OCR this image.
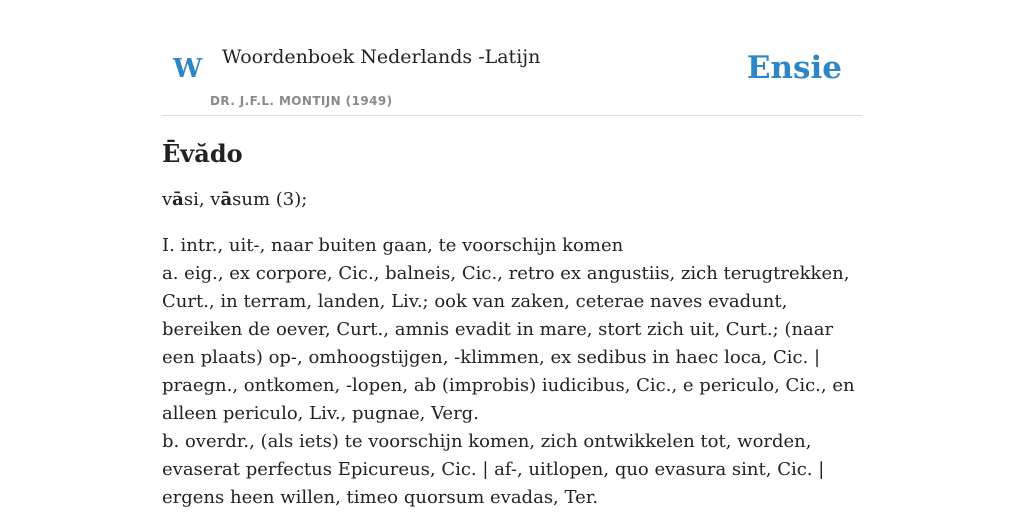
W Woordenboek Nederlands -Latijn
DR. J.F.L. MONTIJN (1949)
Ensie
Ēvădo

vāsi, vāsum (3);

I. intr., uit-, naar buiten gaan, te voorschijn komen
a. eig., ex corpore, Cic., balneis, Cic., retro ex angustiis, zich terugtrekken, Curt., in terram, landen, Liv.; ook van zaken, ceterae naves evadunt, bereiken de oever, Curt., amnis evadit in mare, stort zich uit, Curt.; (naar een plaats) op-, omhoogstijgen, -klimmen, ex sedibus in haec loca, Cic. | praegn., ontkomen, -lopen, ab (improbis) iudicibus, Cic., e periculo, Cic., en alleen periculo, Liv., pugnae, Verg.
b. overdr., (als iets) te voorschijn komen, zich ontwikkelen tot, worden, evaserat perfectus Epicureus, Cic. | af-, uitlopen, quo evasura sint, Cic. | ergens heen willen, timeo quorsum evadas, Ter.
